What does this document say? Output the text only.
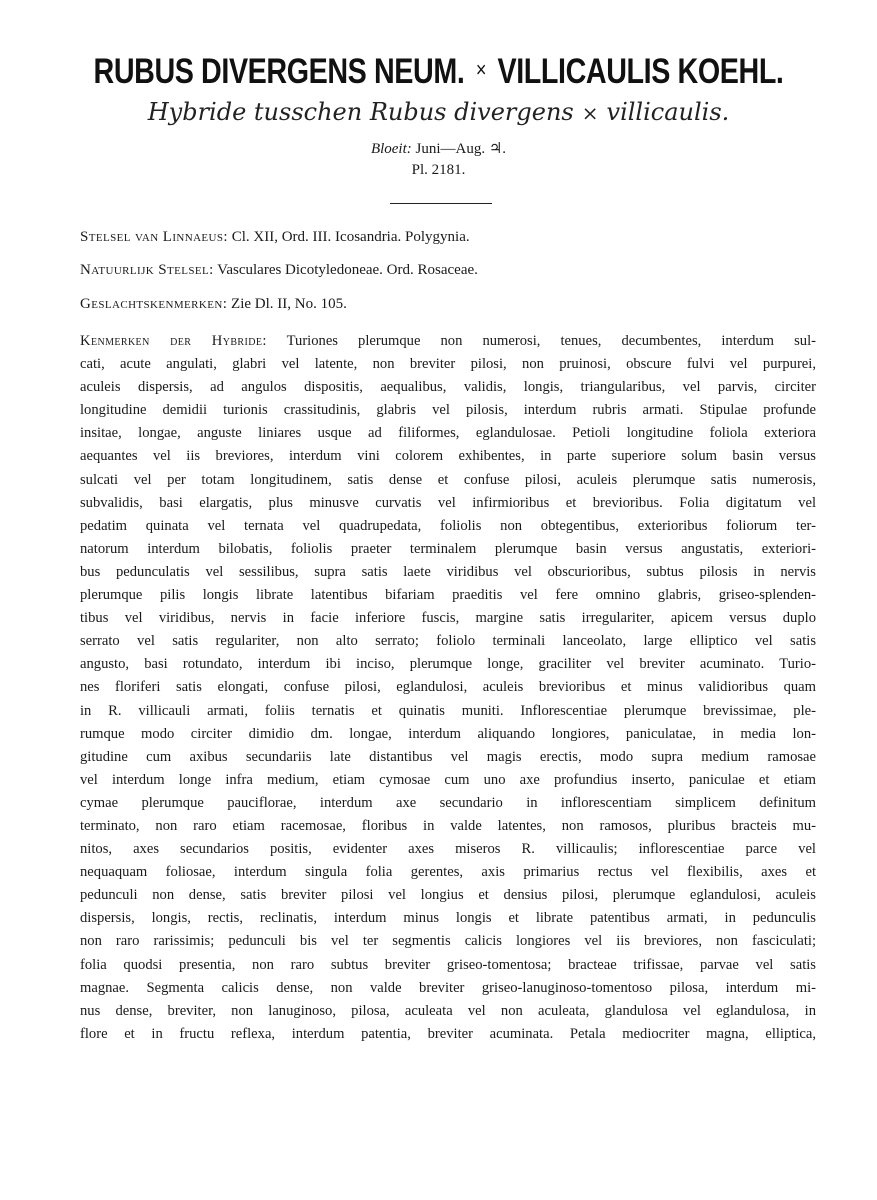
RUBUS DIVERGENS NEUM. × VILLICAULIS KOEHL.
Hybride tusschen Rubus divergens × villicaulis.
Bloeit: Juni—Aug. ♃.
Pl. 2181.
Stelsel van Linnaeus: Cl. XII, Ord. III. Icosandria. Polygynia.
Natuurlijk Stelsel: Vasculares Dicotyledoneae. Ord. Rosaceae.
Geslachtskenmerken: Zie Dl. II, No. 105.
Kenmerken der Hybride: Turiones plerumque non numerosi, tenues, decumbentes, interdum sul-
cati, acute angulati, glabri vel latente, non breviter pilosi, non pruinosi, obscure fulvi vel purpurei,
aculeis dispersis, ad angulos dispositis, aequalibus, validis, longis, triangularibus, vel parvis, circiter
longitudine demidii turionis crassitudinis, glabris vel pilosis, interdum rubris armati. Stipulae profunde
insitae, longae, anguste liniares usque ad filiformes, eglandulosae. Petioli longitudine foliola exteriora
aequantes vel iis breviores, interdum vini colorem exhibentes, in parte superiore solum basin versus
sulcati vel per totam longitudinem, satis dense et confuse pilosi, aculeis plerumque satis numerosis,
subvalidis, basi elargatis, plus minusve curvatis vel infirmioribus et brevioribus. Folia digitatum vel
pedatim quinata vel ternata vel quadrupedata, foliolis non obtegentibus, exterioribus foliorum ter-
natorum interdum bilobatis, foliolis praeter terminalem plerumque basin versus angustatis, exteriori-
bus pedunculatis vel sessilibus, supra satis laete viridibus vel obscurioribus, subtus pilosis in nervis
plerumque pilis longis librate latentibus bifariam praeditis vel fere omnino glabris, griseo-splenden-
tibus vel viridibus, nervis in facie inferiore fuscis, margine satis irregulariter, apicem versus duplo
serrato vel satis regulariter, non alto serrato; foliolo terminali lanceolato, large elliptico vel satis
angusto, basi rotundato, interdum ibi inciso, plerumque longe, graciliter vel breviter acuminato. Turio-
nes floriferi satis elongati, confuse pilosi, eglandulosi, aculeis brevioribus et minus validioribus quam
in R. villicauli armati, foliis ternatis et quinatis muniti. Inflorescentiae plerumque brevissimae, ple-
rumque modo circiter dimidio dm. longae, interdum aliquando longiores, paniculatae, in media lon-
gitudine cum axibus secundariis late distantibus vel magis erectis, modo supra medium ramosae
vel interdum longe infra medium, etiam cymosae cum uno axe profundius inserto, paniculae et etiam
cymae plerumque pauciflorae, interdum axe secundario in inflorescentiam simplicem definitum
terminato, non raro etiam racemosae, floribus in valde latentes, non ramosos, pluribus bracteis mu-
nitos, axes secundarios positis, evidenter axes miseros R. villicaulis; inflorescentiae parce vel
nequaquam foliosae, interdum singula folia gerentes, axis primarius rectus vel flexibilis, axes et
pedunculi non dense, satis breviter pilosi vel longius et densius pilosi, plerumque eglandulosi, aculeis
dispersis, longis, rectis, reclinatis, interdum minus longis et librate patentibus armati, in pedunculis
non raro rarissimis; pedunculi bis vel ter segmentis calicis longiores vel iis breviores, non fasciculati;
folia quodsi presentia, non raro subtus breviter griseo-tomentosa; bracteae trifissae, parvae vel satis
magnae. Segmenta calicis dense, non valde breviter griseo-lanuginoso-tomentoso pilosa, interdum mi-
nus dense, breviter, non lanuginoso, pilosa, aculeata vel non aculeata, glandulosa vel eglandulosa, in
flore et in fructu reflexa, interdum patentia, breviter acuminata. Petala mediocriter magna, elliptica,
